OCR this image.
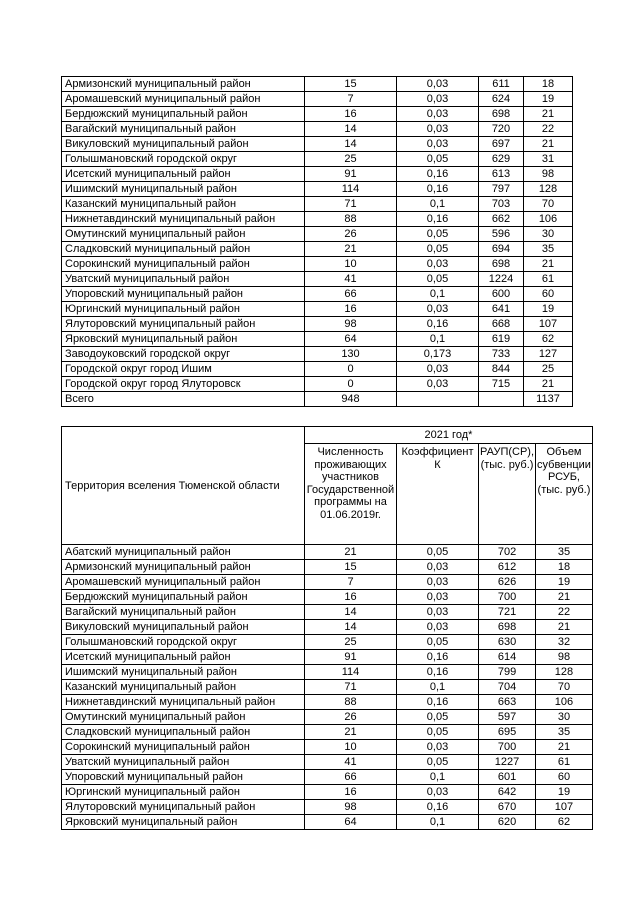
Армизонский муниципальный район	15	0,03	611	18
Аромашевский муниципальный район	7	0,03	624	19
Бердюжский муниципальный район	16	0,03	698	21
Вагайский муниципальный район	14	0,03	720	22
Викуловский муниципальный район	14	0,03	697	21
Голышмановский городской округ	25	0,05	629	31
Исетский муниципальный район	91	0,16	613	98
Ишимский муниципальный район	114	0,16	797	128
Казанский муниципальный район	71	0,1	703	70
Нижнетавдинский муниципальный район	88	0,16	662	106
Омутинский муниципальный район	26	0,05	596	30
Сладковский муниципальный район	21	0,05	694	35
Сорокинский муниципальный район	10	0,03	698	21
Уватский муниципальный район	41	0,05	1224	61
Упоровский муниципальный район	66	0,1	600	60
Юргинский муниципальный район	16	0,03	641	19
Ялуторовский муниципальный район	98	0,16	668	107
Ярковский муниципальный район	64	0,1	619	62
Заводоуковский городской округ	130	0,173	733	127
Городской округ город Ишим	0	0,03	844	25
Городской округ город Ялуторовск	0	0,03	715	21
Всего	948			1137
Территория вселения Тюменской области	2021 год*			
	Численность проживающих участников Государственной программы на 01.06.2019г.	Коэффициент К	РАУП(СР), (тыс. руб.)	Объем субвенции РСУБ, (тыс. руб.)
Абатский муниципальный район	21	0,05	702	35
Армизонский муниципальный район	15	0,03	612	18
Аромашевский муниципальный район	7	0,03	626	19
Бердюжский муниципальный район	16	0,03	700	21
Вагайский муниципальный район	14	0,03	721	22
Викуловский муниципальный район	14	0,03	698	21
Голышмановский городской округ	25	0,05	630	32
Исетский муниципальный район	91	0,16	614	98
Ишимский муниципальный район	114	0,16	799	128
Казанский муниципальный район	71	0,1	704	70
Нижнетавдинский муниципальный район	88	0,16	663	106
Омутинский муниципальный район	26	0,05	597	30
Сладковский муниципальный район	21	0,05	695	35
Сорокинский муниципальный район	10	0,03	700	21
Уватский муниципальный район	41	0,05	1227	61
Упоровский муниципальный район	66	0,1	601	60
Юргинский муниципальный район	16	0,03	642	19
Ялуторовский муниципальный район	98	0,16	670	107
Ярковский муниципальный район	64	0,1	620	62
